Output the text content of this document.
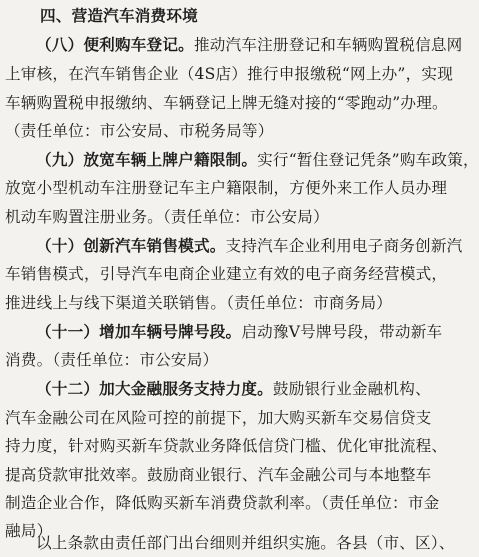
四、营造汽车消费环境
（八）便利购车登记。推动汽车注册登记和车辆购置税信息网
上审核，在汽车销售企业（4S店）推行申报缴税“网上办”，实现
车辆购置税申报缴纳、车辆登记上牌无缝对接的“零跑动”办理。
（责任单位：市公安局、市税务局等）
（九）放宽车辆上牌户籍限制。实行“暂住登记凭条”购车政策，
放宽小型机动车注册登记车主户籍限制，方便外来工作人员办理
机动车购置注册业务。（责任单位：市公安局）
（十）创新汽车销售模式。支持汽车企业利用电子商务创新汽
车销售模式，引导汽车电商企业建立有效的电子商务经营模式，
推进线上与线下渠道关联销售。（责任单位：市商务局）
（十一）增加车辆号牌号段。启动豫V号牌号段，带动新车
消费。（责任单位：市公安局）
（十二）加大金融服务支持力度。鼓励银行业金融机构、
汽车金融公司在风险可控的前提下，加大购买新车交易信贷支
持力度，针对购买新车贷款业务降低信贷门槛、优化审批流程、
提高贷款审批效率。鼓励商业银行、汽车金融公司与本地整车
制造企业合作，降低购买新车消费贷款利率。（责任单位：市金
融局）
以上条款由责任部门出台细则并组织实施。各县（市、区）、
